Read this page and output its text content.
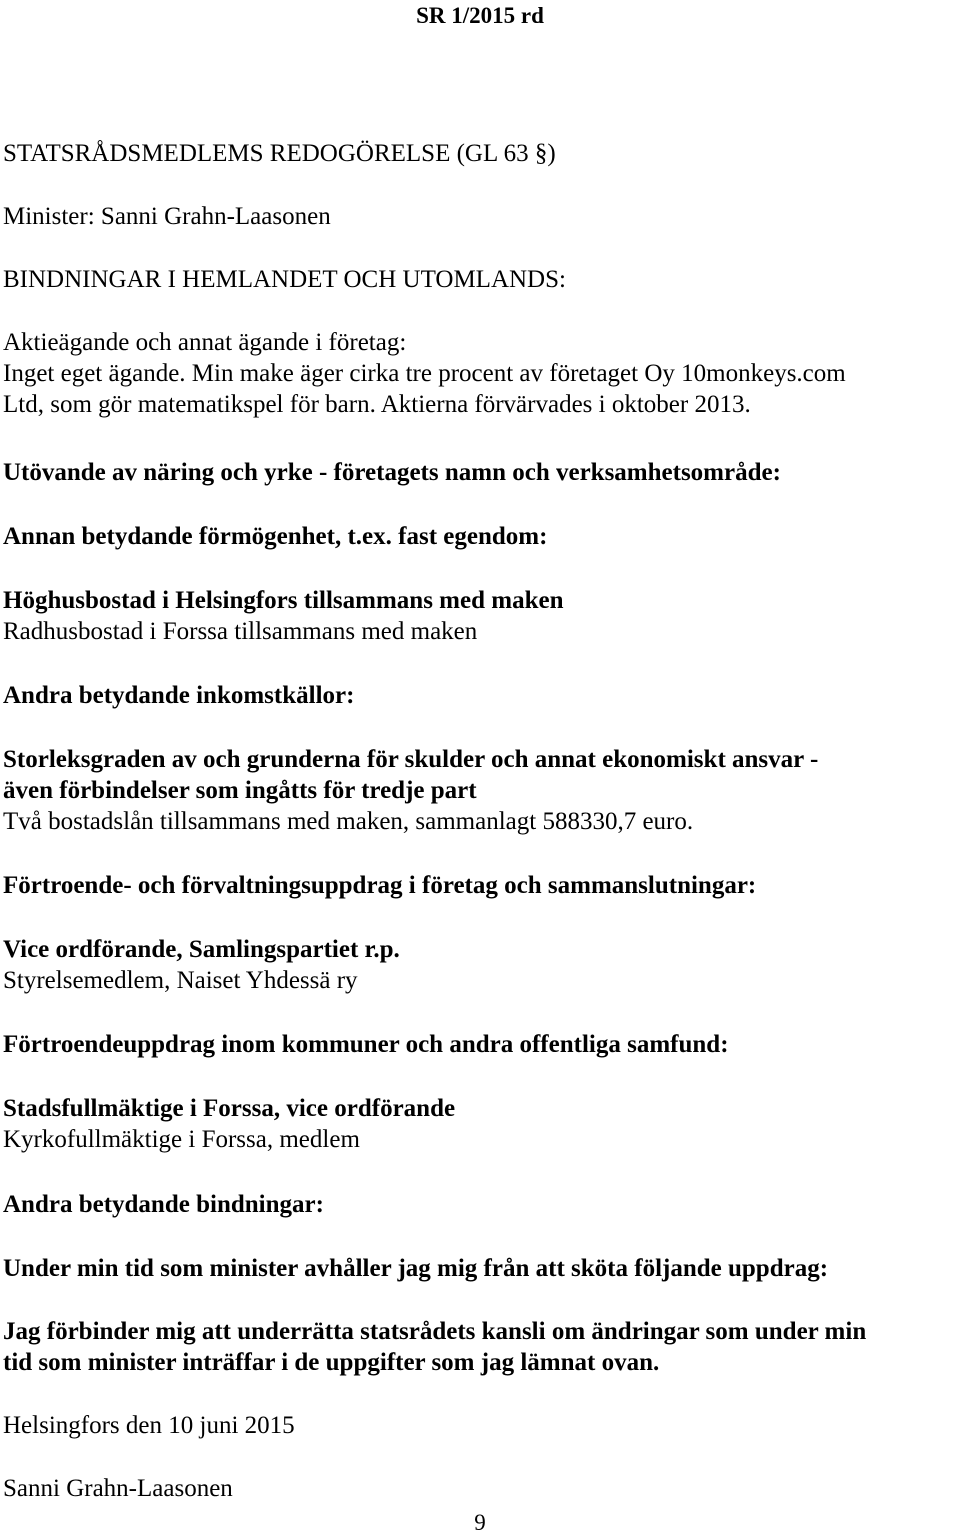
SR 1/2015 rd
STATSRÅDSMEDLEMS REDOGÖRELSE (GL 63 §)
Minister: Sanni Grahn-Laasonen
BINDNINGAR I HEMLANDET OCH UTOMLANDS:
Aktieägande och annat ägande i företag:
Inget eget ägande. Min make äger cirka tre procent av företaget Oy 10monkeys.com
Ltd, som gör matematikspel för barn. Aktierna förvärvades i oktober 2013.
Utövande av näring och yrke - företagets namn och verksamhetsområde:
Annan betydande förmögenhet, t.ex. fast egendom:
Höghusbostad i Helsingfors tillsammans med maken
Radhusbostad i Forssa tillsammans med maken
Andra betydande inkomstkällor:
Storleksgraden av och grunderna för skulder och annat ekonomiskt ansvar -
även förbindelser som ingåtts för tredje part
Två bostadslån tillsammans med maken, sammanlagt 588330,7 euro.
Förtroende- och förvaltningsuppdrag i företag och sammanslutningar:
Vice ordförande, Samlingspartiet r.p.
Styrelsemedlem, Naiset Yhdessä ry
Förtroendeuppdrag inom kommuner och andra offentliga samfund:
Stadsfullmäktige i Forssa, vice ordförande
Kyrkofullmäktige i Forssa, medlem
Andra betydande bindningar:
Under min tid som minister avhåller jag mig från att sköta följande uppdrag:
Jag förbinder mig att underrätta statsrådets kansli om ändringar som under min
tid som minister inträffar i de uppgifter som jag lämnat ovan.
Helsingfors den 10 juni 2015
Sanni Grahn-Laasonen
9
